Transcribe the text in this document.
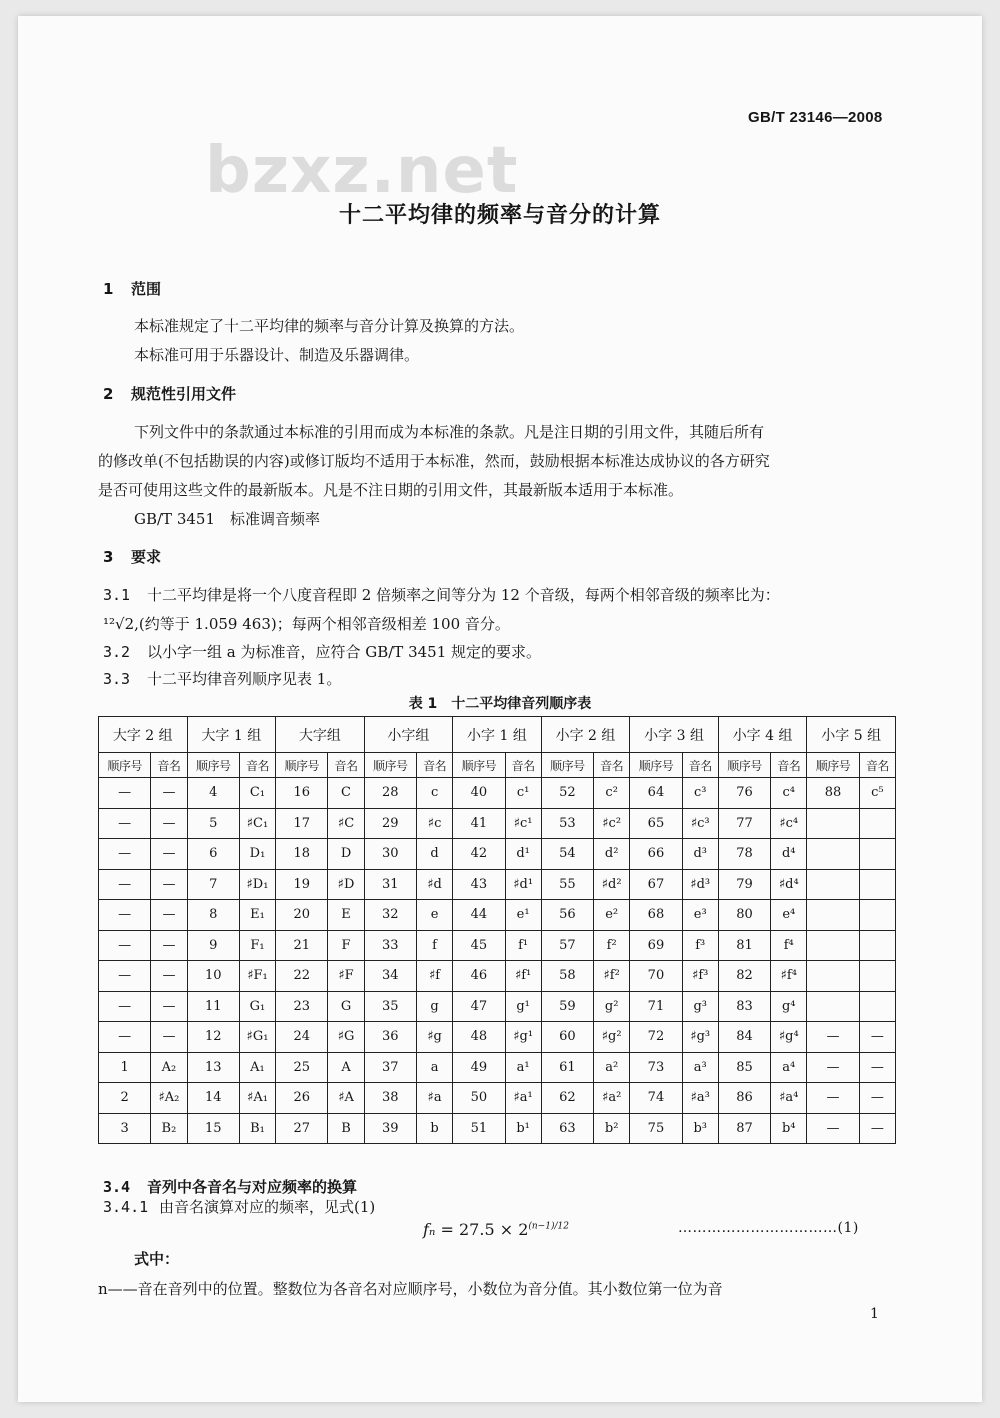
GB/T 23146—2008
bzxz.net
十二平均律的频率与音分的计算
1 范围
本标准规定了十二平均律的频率与音分计算及换算的方法。
本标准可用于乐器设计、制造及乐器调律。
2 规范性引用文件
下列文件中的条款通过本标准的引用而成为本标准的条款。凡是注日期的引用文件，其随后所有
的修改单(不包括勘误的内容)或修订版均不适用于本标准，然而，鼓励根据本标准达成协议的各方研究
是否可使用这些文件的最新版本。凡是不注日期的引用文件，其最新版本适用于本标准。
GB/T 3451　标准调音频率
3 要求
3.1 十二平均律是将一个八度音程即 2 倍频率之间等分为 12 个音级，每两个相邻音级的频率比为：
¹²√2,(约等于 1.059 463)；每两个相邻音级相差 100 音分。
3.2 以小字一组 a 为标准音，应符合 GB/T 3451 规定的要求。
3.3 十二平均律音列顺序见表 1。
表 1　十二平均律音列顺序表
大字 2 组		大字 1 组		大字组		小字组		小字 1 组		小字 2 组		小字 3 组		小字 4 组		小字 5 组	
顺序号	音名	顺序号	音名	顺序号	音名	顺序号	音名	顺序号	音名	顺序号	音名	顺序号	音名	顺序号	音名	顺序号	音名
—	—	4	C₁	16	C	28	c	40	c¹	52	c²	64	c³	76	c⁴	88	c⁵
—	—	5	♯C₁	17	♯C	29	♯c	41	♯c¹	53	♯c²	65	♯c³	77	♯c⁴		
—	—	6	D₁	18	D	30	d	42	d¹	54	d²	66	d³	78	d⁴		
—	—	7	♯D₁	19	♯D	31	♯d	43	♯d¹	55	♯d²	67	♯d³	79	♯d⁴		
—	—	8	E₁	20	E	32	e	44	e¹	56	e²	68	e³	80	e⁴		
—	—	9	F₁	21	F	33	f	45	f¹	57	f²	69	f³	81	f⁴		
—	—	10	♯F₁	22	♯F	34	♯f	46	♯f¹	58	♯f²	70	♯f³	82	♯f⁴		
—	—	11	G₁	23	G	35	g	47	g¹	59	g²	71	g³	83	g⁴		
—	—	12	♯G₁	24	♯G	36	♯g	48	♯g¹	60	♯g²	72	♯g³	84	♯g⁴	—	—
1	A₂	13	A₁	25	A	37	a	49	a¹	61	a²	73	a³	85	a⁴	—	—
2	♯A₂	14	♯A₁	26	♯A	38	♯a	50	♯a¹	62	♯a²	74	♯a³	86	♯a⁴	—	—
3	B₂	15	B₁	27	B	39	b	51	b¹	63	b²	75	b³	87	b⁴	—	—
3.4 音列中各音名与对应频率的换算
3.4.1 由音名演算对应的频率，见式(1)
$f_n = 27.5 \times 2^{(n-1)/12}$	……………………………(1)
式中：
n——音在音列中的位置。整数位为各音名对应顺序号，小数位为音分值。其小数位第一位为音
1
